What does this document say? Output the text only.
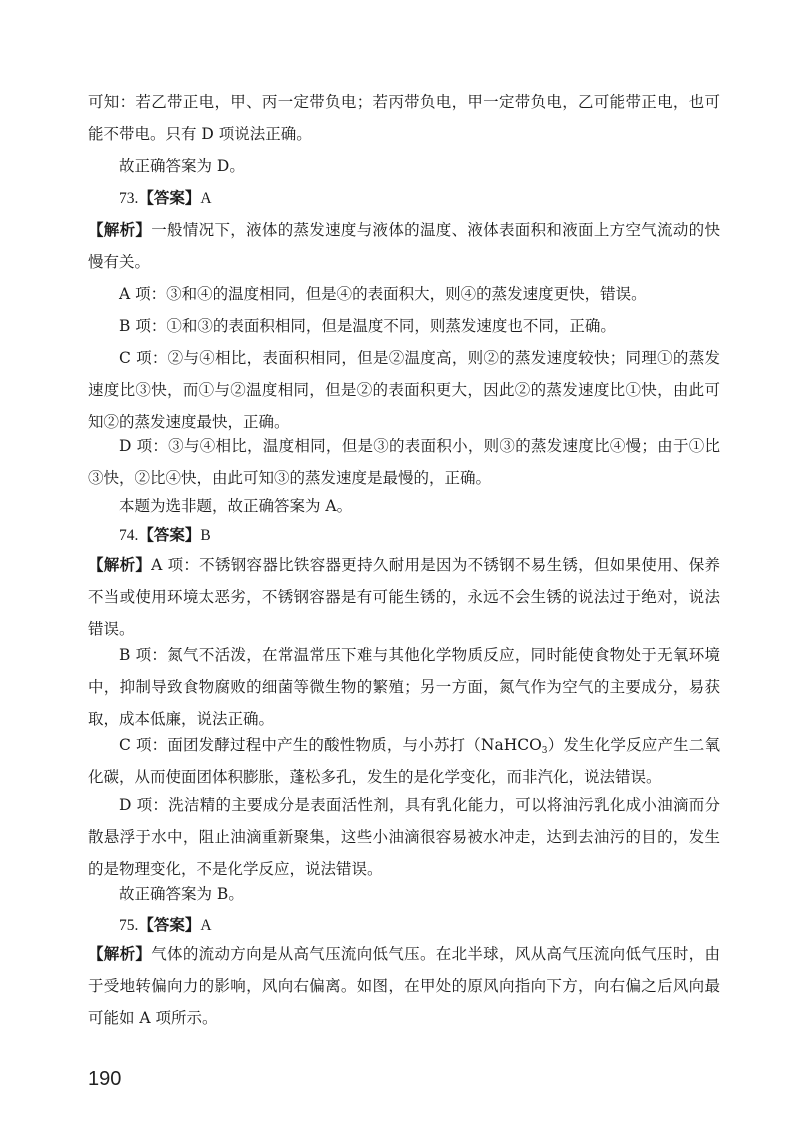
可知：若乙带正电，甲、丙一定带负电；若丙带负电，甲一定带负电，乙可能带正电，也可能不带电。只有 D 项说法正确。

故正确答案为 D。

73.【答案】A

【解析】一般情况下，液体的蒸发速度与液体的温度、液体表面积和液面上方空气流动的快慢有关。

A 项：③和④的温度相同，但是④的表面积大，则④的蒸发速度更快，错误。

B 项：①和③的表面积相同，但是温度不同，则蒸发速度也不同，正确。

C 项：②与④相比，表面积相同，但是②温度高，则②的蒸发速度较快；同理①的蒸发速度比③快，而①与②温度相同，但是②的表面积更大，因此②的蒸发速度比①快，由此可知②的蒸发速度最快，正确。

D 项：③与④相比，温度相同，但是③的表面积小，则③的蒸发速度比④慢；由于①比③快，②比④快，由此可知③的蒸发速度是最慢的，正确。

本题为选非题，故正确答案为 A。

74.【答案】B

【解析】A 项：不锈钢容器比铁容器更持久耐用是因为不锈钢不易生锈，但如果使用、保养不当或使用环境太恶劣，不锈钢容器是有可能生锈的，永远不会生锈的说法过于绝对，说法错误。

B 项：氮气不活泼，在常温常压下难与其他化学物质反应，同时能使食物处于无氧环境中，抑制导致食物腐败的细菌等微生物的繁殖；另一方面，氮气作为空气的主要成分，易获取，成本低廉，说法正确。

C 项：面团发酵过程中产生的酸性物质，与小苏打（NaHCO$_3$）发生化学反应产生二氧化碳，从而使面团体积膨胀，蓬松多孔，发生的是化学变化，而非汽化，说法错误。

D 项：洗洁精的主要成分是表面活性剂，具有乳化能力，可以将油污乳化成小油滴而分散悬浮于水中，阻止油滴重新聚集，这些小油滴很容易被水冲走，达到去油污的目的，发生的是物理变化，不是化学反应，说法错误。

故正确答案为 B。

75.【答案】A

【解析】气体的流动方向是从高气压流向低气压。在北半球，风从高气压流向低气压时，由于受地转偏向力的影响，风向右偏离。如图，在甲处的原风向指向下方，向右偏之后风向最可能如 A 项所示。

190
